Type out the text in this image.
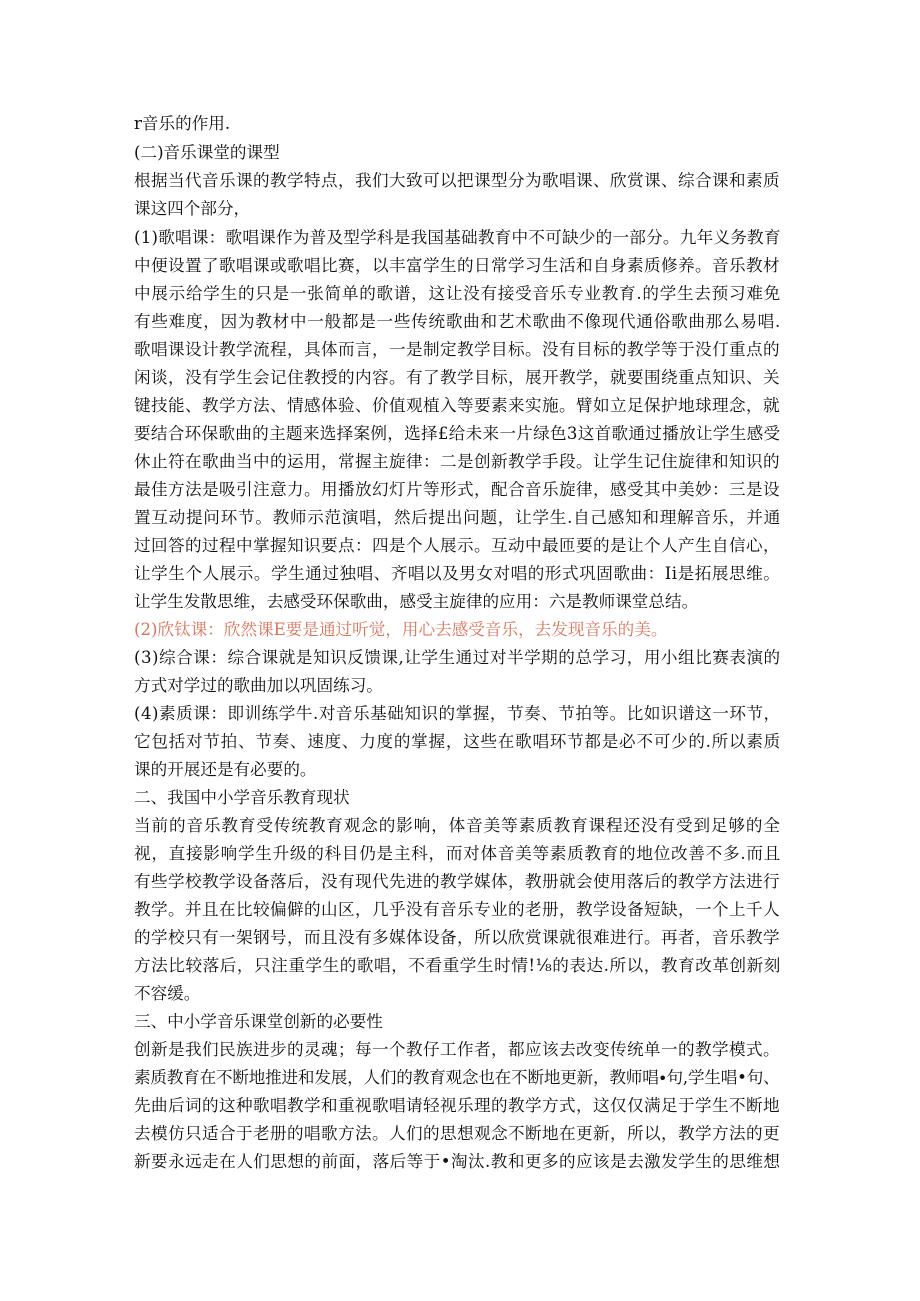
r音乐的作用.
(二)音乐课堂的课型
根据当代音乐课的教学特点，我们大致可以把课型分为歌唱课、欣赏课、综合课和素质
课这四个部分，
(1)歌唱课：歌唱课作为普及型学科是我国基础教育中不可缺少的一部分。九年义务教育
中便设置了歌唱课或歌唱比赛，以丰富学生的日常学习生活和自身素质修养。音乐教材
中展示给学生的只是一张简单的歌谱，这让没有接受音乐专业教育.的学生去预习难免
有些难度，因为教材中一般都是一些传统歌曲和艺术歌曲不像现代通俗歌曲那么易唱.
歌唱课设计教学流程，具体而言，一是制定教学目标。没有目标的教学等于没仃重点的
闲谈，没有学生会记住教授的内容。有了教学目标，展开教学，就要围绕重点知识、关
键技能、教学方法、情感体验、价值观植入等要素来实施。臂如立足保护地球理念，就
要结合环保歌曲的主题来选择案例，选择£给未来一片绿色3这首歌通过播放让学生感受
休止符在歌曲当中的运用，常握主旋律：二是创新教学手段。让学生记住旋律和知识的
最佳方法是吸引注意力。用播放幻灯片等形式，配合音乐旋律，感受其中美妙：三是设
置互动提问环节。教师示范演唱，然后提出问题，让学生.自己感知和理解音乐，并通
过回答的过程中掌握知识要点：四是个人展示。互动中最匝要的是让个人产生自信心，
让学生个人展示。学生通过独唱、齐唱以及男女对唱的形式巩固歌曲：Ii是拓展思维。
让学生发散思维，去感受环保歌曲，感受主旋律的应用：六是教师课堂总结。
(2)欣钛课：欣然课E要是通过听觉，用心去感受音乐，去发现音乐的美。
(3)综合课：综合课就是知识反馈课,让学生通过对半学期的总学习，用小组比赛表演的
方式对学过的歌曲加以巩固练习。
(4)素质课：即训练学牛.对音乐基础知识的掌握，节奏、节拍等。比如识谱这一环节，
它包括对节拍、节奏、速度、力度的掌握，这些在歌唱环节都是必不可少的.所以素质
课的开展还是有必要的。
二、我国中小学音乐教育现状
当前的音乐教育受传统教育观念的影响，体音美等素质教育课程还没有受到足够的全
视，直接影响学生升级的科目仍是主科，而对体音美等素质教育的地位改善不多.而且
有些学校教学设备落后，没有现代先进的教学媒体，教册就会使用落后的教学方法进行
教学。并且在比较偏僻的山区，几乎没有音乐专业的老册，教学设备短缺，一个上千人
的学校只有一架钢号，而且没有多媒体设备，所以欣赏课就很难进行。再者，音乐教学
方法比较落后，只注重学生的歌唱，不看重学生时情!⅛的表达.所以，教育改革创新刻
不容缓。
三、中小学音乐课堂创新的必要性
创新是我们民族进步的灵魂；每一个教仔工作者，都应该去改变传统单一的教学模式。
素质教育在不断地推进和发展，人们的教育观念也在不断地更新，教师唱∙句,学生唱•句、
先曲后词的这种歌唱教学和重视歌唱请轻视乐理的教学方式，这仅仅满足于学生不断地
去模仿只适合于老册的唱歌方法。人们的思想观念不断地在更新，所以，教学方法的更
新要永远走在人们思想的前面，落后等于•淘汰.教和更多的应该是去激发学生的思维想
